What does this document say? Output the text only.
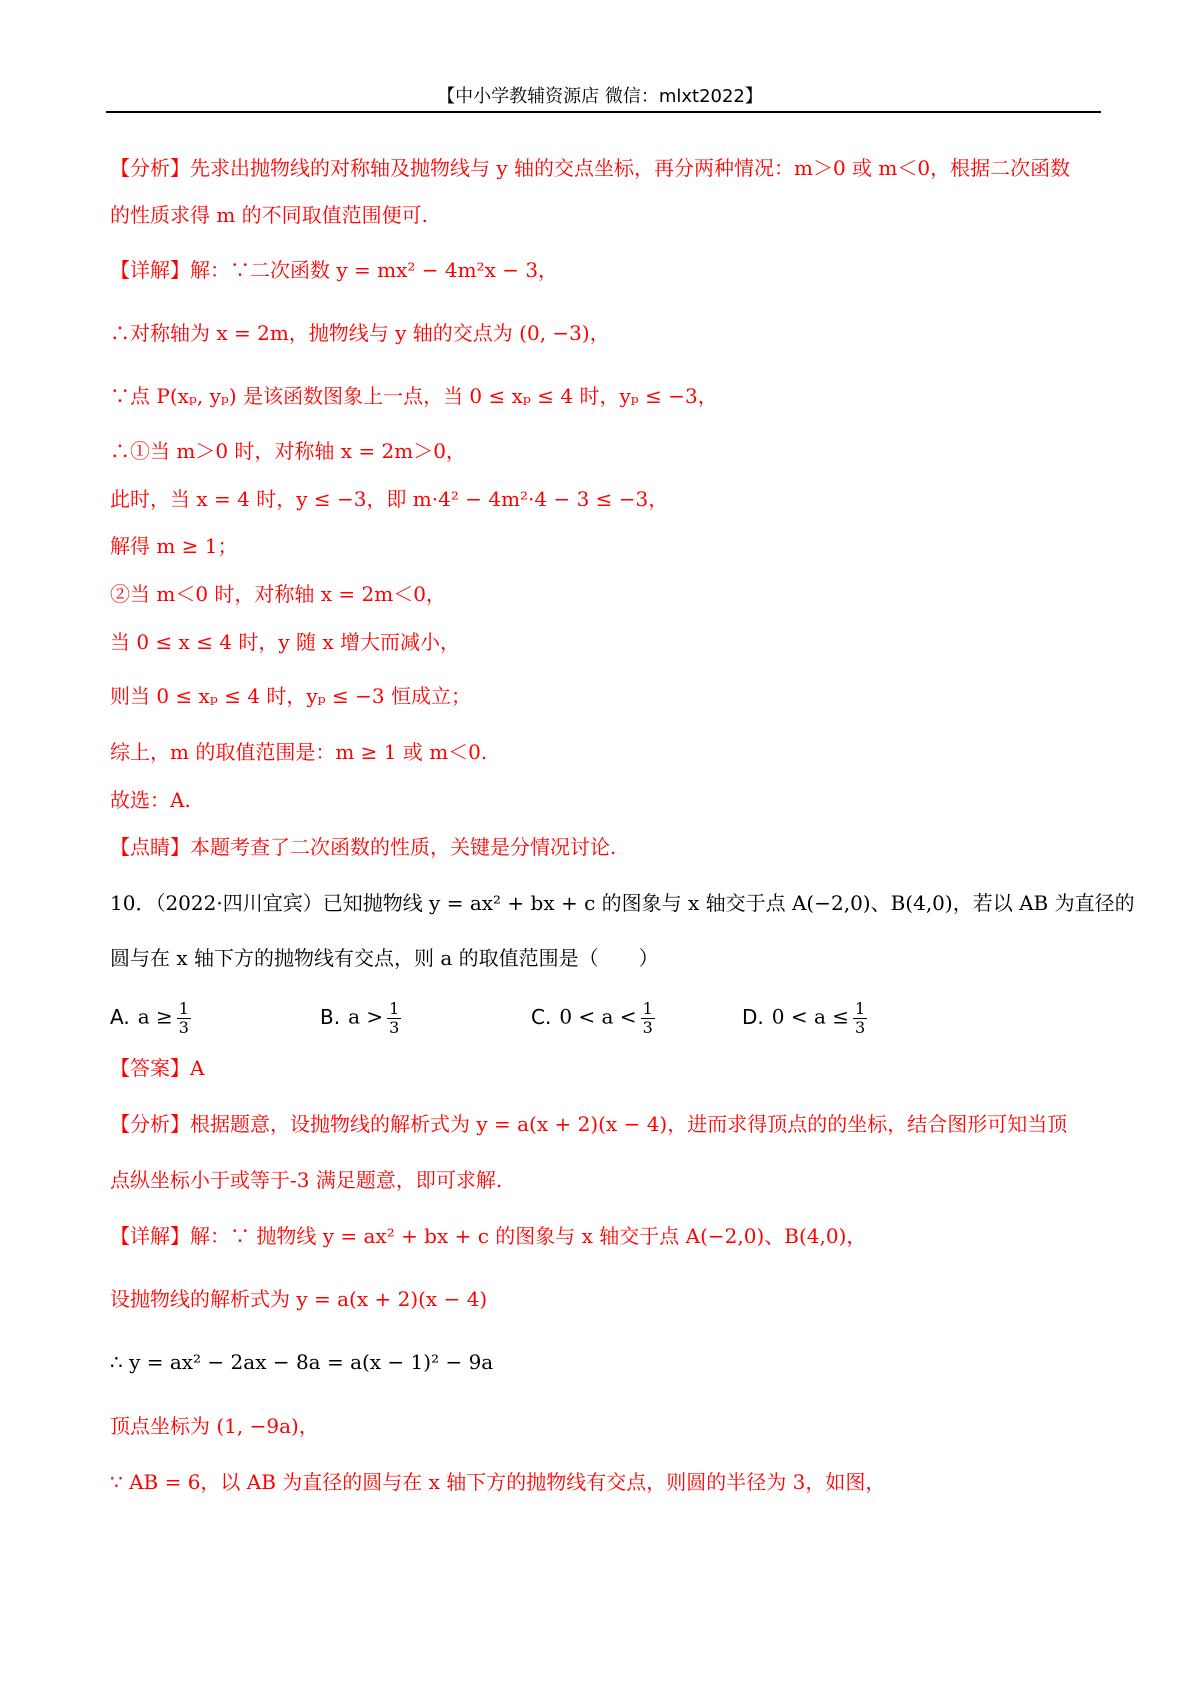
【中小学教辅资源店 微信：mlxt2022】
【分析】先求出抛物线的对称轴及抛物线与 y 轴的交点坐标，再分两种情况：m＞0 或 m＜0，根据二次函数
的性质求得 m 的不同取值范围便可.
【详解】解：∵二次函数 y = mx² − 4m²x − 3，
∴对称轴为 x = 2m，抛物线与 y 轴的交点为 (0, −3)，
∵点 P(xₚ, yₚ) 是该函数图象上一点，当 0 ≤ xₚ ≤ 4 时，yₚ ≤ −3，
∴①当 m＞0 时，对称轴 x = 2m＞0，
此时，当 x = 4 时，y ≤ −3，即 m·4² − 4m²·4 − 3 ≤ −3，
解得 m ≥ 1；
②当 m＜0 时，对称轴 x = 2m＜0，
当 0 ≤ x ≤ 4 时，y 随 x 增大而减小，
则当 0 ≤ xₚ ≤ 4 时，yₚ ≤ −3 恒成立；
综上，m 的取值范围是：m ≥ 1 或 m＜0.
故选：A.
【点睛】本题考查了二次函数的性质，关键是分情况讨论.
10．（2022·四川宜宾）已知抛物线 y = ax² + bx + c 的图象与 x 轴交于点 A(−2,0)、B(4,0)，若以 AB 为直径的
圆与在 x 轴下方的抛物线有交点，则 a 的取值范围是（　　）
A. $a \ge \frac{1}{3}$	B. $a > \frac{1}{3}$	C. $0 < a < \frac{1}{3}$	D. $0 < a \le \frac{1}{3}$
【答案】A
【分析】根据题意，设抛物线的解析式为 y = a(x + 2)(x − 4)，进而求得顶点的的坐标，结合图形可知当顶
点纵坐标小于或等于-3 满足题意，即可求解.
【详解】解：∵ 抛物线 y = ax² + bx + c 的图象与 x 轴交于点 A(−2,0)、B(4,0)，
设抛物线的解析式为 y = a(x + 2)(x − 4)
∴ y = ax² − 2ax − 8a = a(x − 1)² − 9a
顶点坐标为 (1, −9a)，
∵ AB = 6，以 AB 为直径的圆与在 x 轴下方的抛物线有交点，则圆的半径为 3，如图，
